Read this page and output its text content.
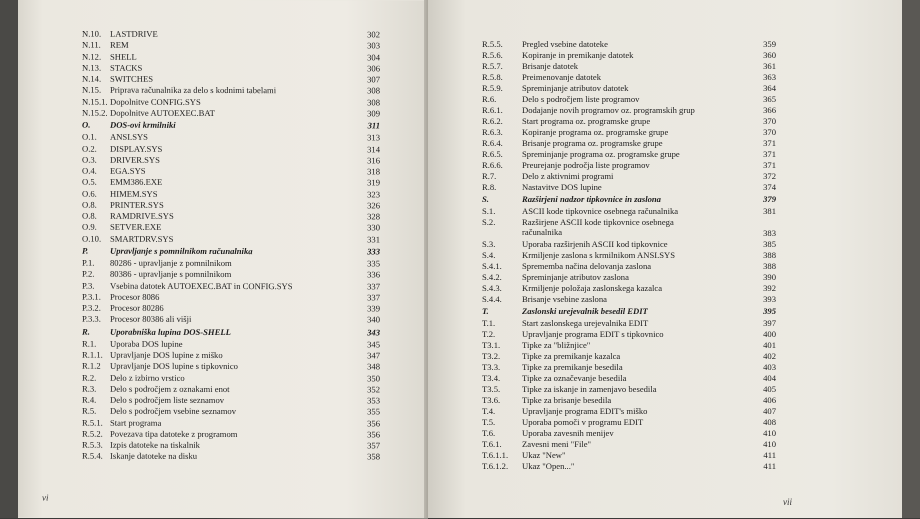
N.10. LASTDRIVE	302
N.11. REM	303
N.12. SHELL	304
N.13. STACKS	306
N.14. SWITCHES	307
N.15. Priprava računalnika za delo s kodnimi tabelami	308
N.15.1. Dopolnitve CONFIG.SYS	308
N.15.2. Dopolnitve AUTOEXEC.BAT	309
O. DOS-ovi krmilniki	311
O.1. ANSI.SYS	313
O.2. DISPLAY.SYS	314
O.3. DRIVER.SYS	316
O.4. EGA.SYS	318
O.5. EMM386.EXE	319
O.6. HIMEM.SYS	323
O.8. PRINTER.SYS	326
O.8. RAMDRIVE.SYS	328
O.9. SETVER.EXE	330
O.10. SMARTDRV.SYS	331
P.	Upravljanje s pomnilnikom računalnika	333
P.1. 80286 - upravljanje z pomnilnikom	335
P.2. 80386 - upravljanje s pomnilnikom	336
P.3. Vsebina datotek AUTOEXEC.BAT in CONFIG.SYS	337
P.3.1. Procesor 8086	337
P.3.2. Procesor 80286	339
P.3.3. Procesor 80386 ali višji	340
R. Uporabniška lupina DOS-SHELL	343
R.1. Uporaba DOS lupine	345
R.1.1. Upravljanje DOS lupine z miško	347
R.1.2 Upravljanje DOS lupine s tipkovnico	348
R.2. Delo z izbirno vrstico	350
R.3. Delo s področjem z oznakami enot	352
R.4. Delo s področjem liste seznamov	353
R.5. Delo s področjem vsebine seznamov	355
R.5.1. Start programa	356
R.5.2. Povezava tipa datoteke z programom	356
R.5.3. Izpis datoteke na tiskalnik	357
R.5.4. Iskanje datoteke na disku	358
vi
R.5.5. Pregled vsebine datoteke	359
R.5.6. Kopiranje in premikanje datotek	360
R.5.7. Brisanje datotek	361
R.5.8. Preimenovanje datotek	363
R.5.9. Spreminjanje atributov datotek	364
R.6.	Delo s področjem liste programov	365
R.6.1. Dodajanje novih programov oz. programskih grup	366
R.6.2. Start programa oz. programske grupe	370
R.6.3. Kopiranje programa oz. programske grupe	370
R.6.4. Brisanje programa oz. programske grupe	371
R.6.5. Spreminjanje programa oz. programske grupe	371
R.6.6. Preurejanje področja liste programov	371
R.7.	Delo z aktivnimi programi	372
R.8.	Nastavitve DOS lupine	374
S.	Razširjeni nadzor tipkovnice in zaslona	379
S.1.	ASCII kode tipkovnice osebnega računalnika	381
S.2.	Razširjene ASCII kode tipkovnice osebnega
računalnika	383
S.3.	Uporaba razširjenih ASCII kod tipkovnice	385
S.4.	Krmiljenje zaslona s krmilnikom ANSI.SYS	388
S.4.1. Sprememba načina delovanja zaslona	388
S.4.2. Spreminjanje atributov zaslona	390
S.4.3. Krmiljenje položaja zaslonskega kazalca	392
S.4.4. Brisanje vsebine zaslona	393
T.	Zaslonski urejevalnik besedil EDIT	395
T.1.	Start zaslonskega urejevalnika EDIT	397
T.2.	Upravljanje programa EDIT s tipkovnico	400
T3.1.	Tipke za "bližnjice"	401
T3.2.	Tipke za premikanje kazalca	402
T3.3.	Tipke za premikanje besedila	403
T3.4.	Tipke za označevanje besedila	404
T3.5.	Tipke za iskanje in zamenjavo besedila	405
T3.6.	Tipke za brisanje besedila	406
T.4.	Upravljanje programa EDIT's miško	407
T.5.	Uporaba pomoči v programu EDIT	408
T.6.	Uporaba zavesnih menijev	410
T.6.1. Zavesni meni "File"	410
T.6.1.1. Ukaz "New"	411
T.6.1.2. Ukaz "Open..."	411
vii
